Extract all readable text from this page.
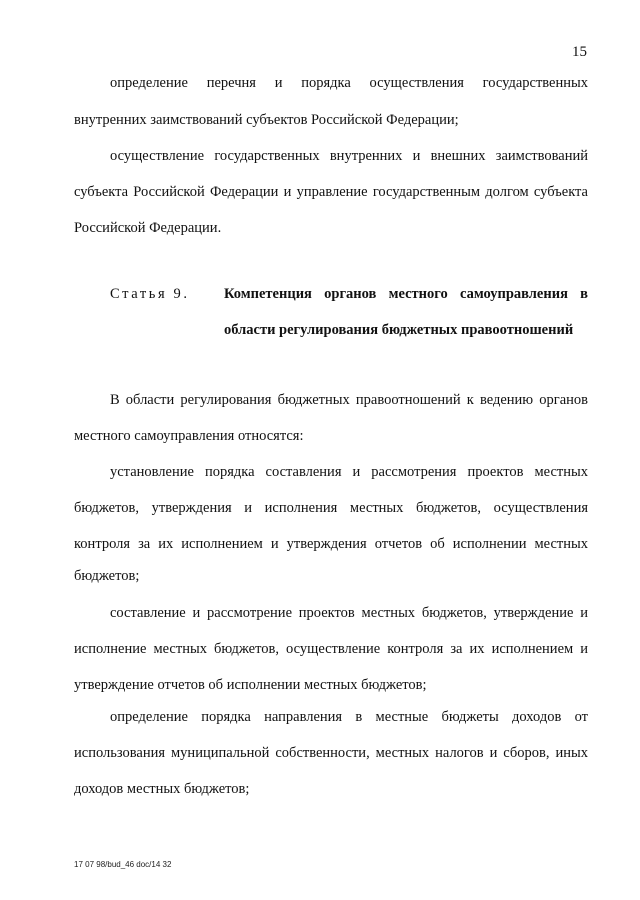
15
определение перечня и порядка осуществления государственных
внутренних заимствований субъектов Российской Федерации;
осуществление государственных внутренних и внешних заимствований
субъекта Российской Федерации и управление государственным долгом субъекта
Российской Федерации.
Статья 9. Компетенция органов местного самоуправления в
области регулирования бюджетных правоотношений
В области регулирования бюджетных правоотношений к ведению органов
местного самоуправления относятся:
установление порядка составления и рассмотрения проектов местных
бюджетов, утверждения и исполнения местных бюджетов, осуществления
контроля за их исполнением и утверждения отчетов об исполнении местных
бюджетов;
составление и рассмотрение проектов местных бюджетов, утверждение и
исполнение местных бюджетов, осуществление контроля за их исполнением и
утверждение отчетов об исполнении местных бюджетов;
определение порядка направления в местные бюджеты доходов от
использования муниципальной собственности, местных налогов и сборов, иных
доходов местных бюджетов;
17 07 98/bud_46 doc/14 32
